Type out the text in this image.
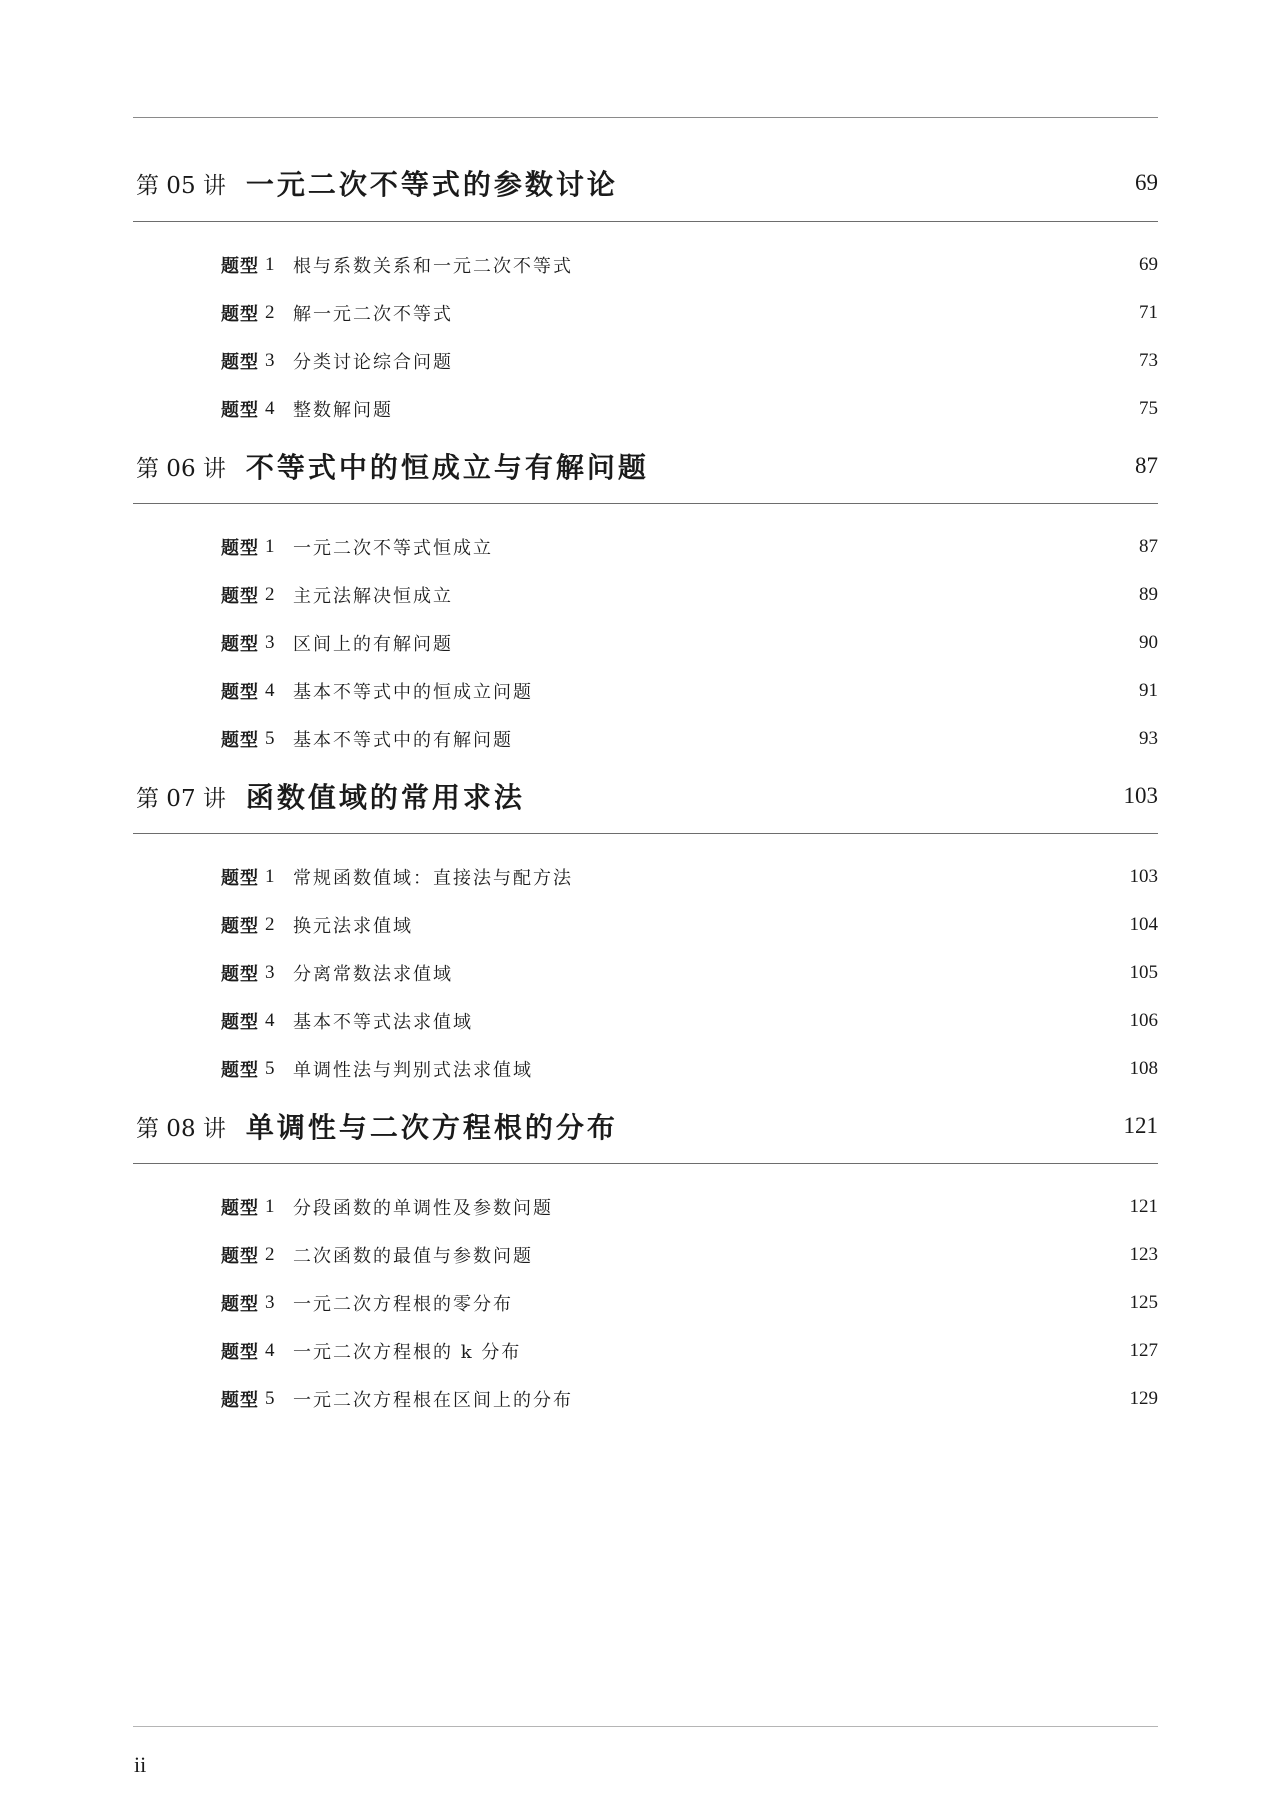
第 05 讲 一元二次不等式的参数讨论	69
题型 1	根与系数关系和一元二次不等式	69
题型 2	解一元二次不等式	71
题型 3	分类讨论综合问题	73
题型 4	整数解问题	75
第 06 讲 不等式中的恒成立与有解问题	87
题型 1	一元二次不等式恒成立	87
题型 2	主元法解决恒成立	89
题型 3	区间上的有解问题	90
题型 4	基本不等式中的恒成立问题	91
题型 5	基本不等式中的有解问题	93
第 07 讲 函数值域的常用求法	103
题型 1	常规函数值域：直接法与配方法	103
题型 2	换元法求值域	104
题型 3	分离常数法求值域	105
题型 4	基本不等式法求值域	106
题型 5	单调性法与判别式法求值域	108
第 08 讲 单调性与二次方程根的分布	121
题型 1	分段函数的单调性及参数问题	121
题型 2	二次函数的最值与参数问题	123
题型 3	一元二次方程根的零分布	125
题型 4	一元二次方程根的 k 分布	127
题型 5	一元二次方程根在区间上的分布	129
ii
